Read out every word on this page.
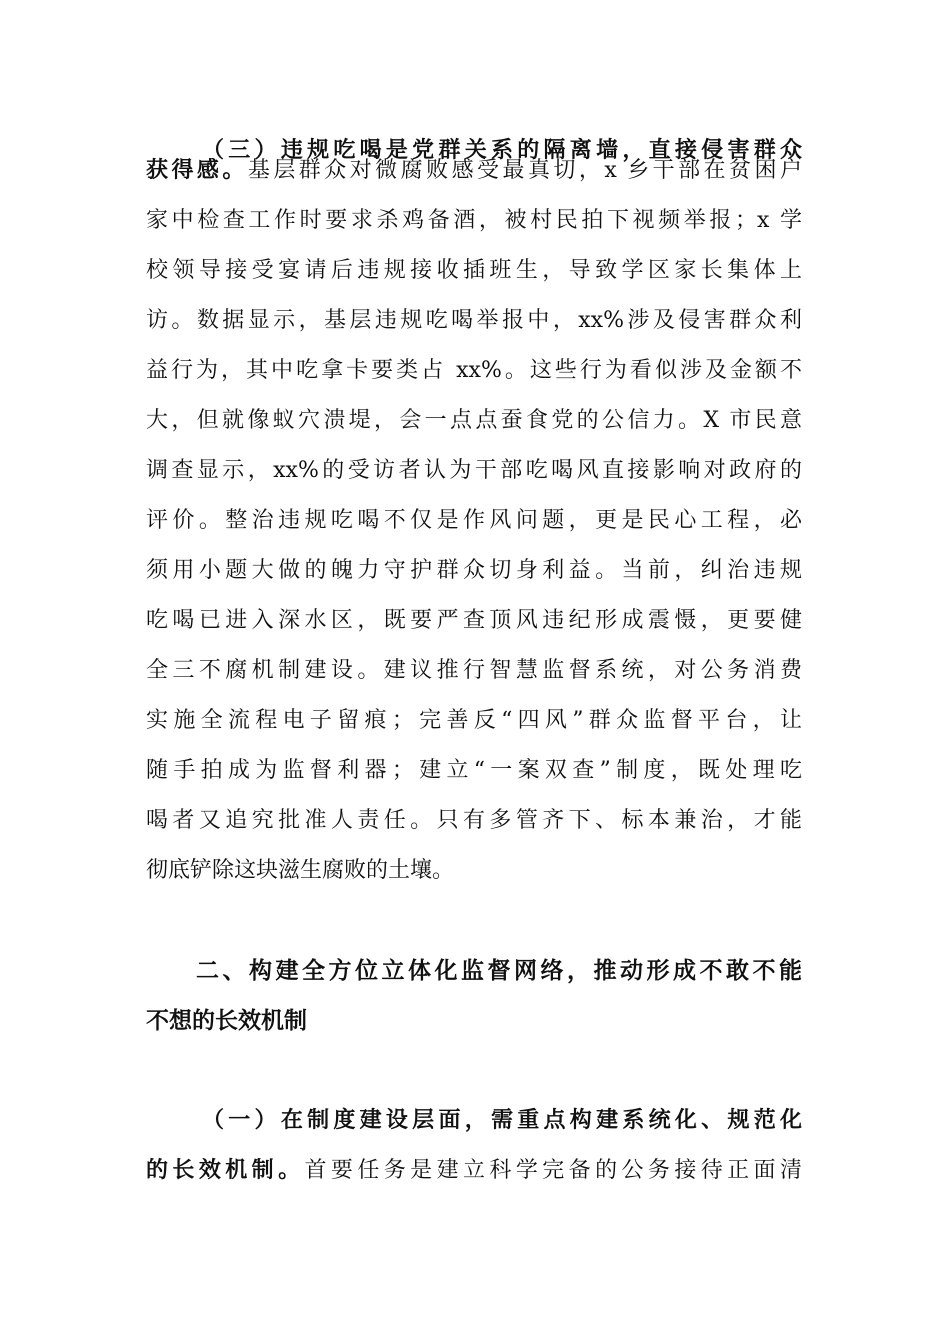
（三）违规吃喝是党群关系的隔离墙，直接侵害群众
获得感。基层群众对微腐败感受最真切，x 乡干部在贫困户
家中检查工作时要求杀鸡备酒，被村民拍下视频举报；x 学
校领导接受宴请后违规接收插班生，导致学区家长集体上
访。数据显示，基层违规吃喝举报中，xx%涉及侵害群众利
益行为，其中吃拿卡要类占 xx%。这些行为看似涉及金额不
大，但就像蚁穴溃堤，会一点点蚕食党的公信力。X 市民意
调查显示，xx%的受访者认为干部吃喝风直接影响对政府的
评价。整治违规吃喝不仅是作风问题，更是民心工程，必
须用小题大做的魄力守护群众切身利益。当前，纠治违规
吃喝已进入深水区，既要严查顶风违纪形成震慑，更要健
全三不腐机制建设。建议推行智慧监督系统，对公务消费
实施全流程电子留痕；完善反“四风”群众监督平台，让
随手拍成为监督利器；建立“一案双查”制度，既处理吃
喝者又追究批准人责任。只有多管齐下、标本兼治，才能
彻底铲除这块滋生腐败的土壤。
二、构建全方位立体化监督网络，推动形成不敢不能
不想的长效机制
（一）在制度建设层面，需重点构建系统化、规范化
的长效机制。首要任务是建立科学完备的公务接待正面清
